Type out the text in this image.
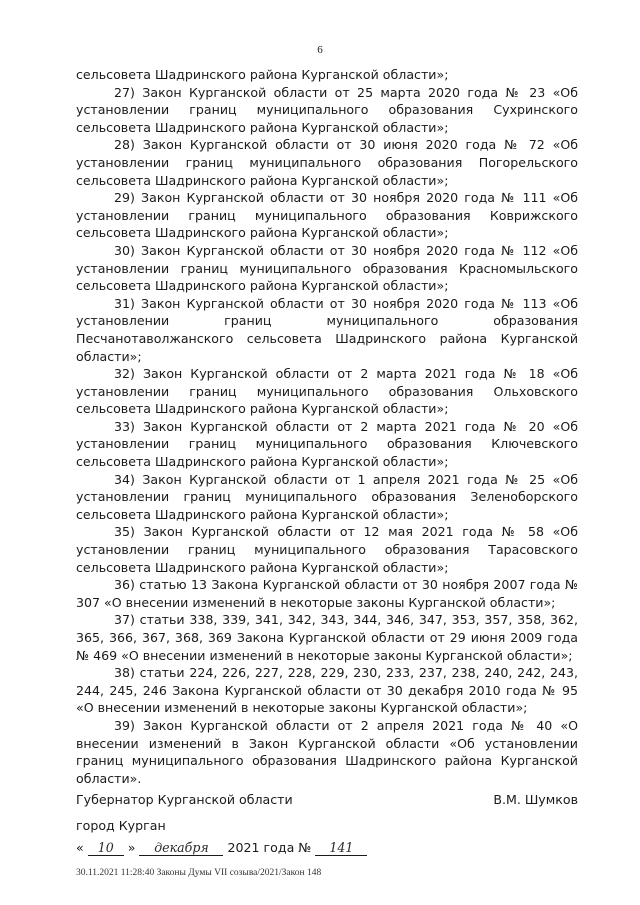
6

сельсовета Шадринского района Курганской области»;

27) Закон Курганской области от 25 марта 2020 года № 23 «Об установлении границ муниципального образования Сухринского сельсовета Шадринского района Курганской области»;

28) Закон Курганской области от 30 июня 2020 года № 72 «Об установлении границ муниципального образования Погорельского сельсовета Шадринского района Курганской области»;

29) Закон Курганской области от 30 ноября 2020 года № 111 «Об установлении границ муниципального образования Коврижского сельсовета Шадринского района Курганской области»;

30) Закон Курганской области от 30 ноября 2020 года № 112 «Об установлении границ муниципального образования Красномыльского сельсовета Шадринского района Курганской области»;

31) Закон Курганской области от 30 ноября 2020 года № 113 «Об установлении границ муниципального образования Песчанотаволжанского сельсовета Шадринского района Курганской области»;

32) Закон Курганской области от 2 марта 2021 года № 18 «Об установлении границ муниципального образования Ольховского сельсовета Шадринского района Курганской области»;

33) Закон Курганской области от 2 марта 2021 года № 20 «Об установлении границ муниципального образования Ключевского сельсовета Шадринского района Курганской области»;

34) Закон Курганской области от 1 апреля 2021 года № 25 «Об установлении границ муниципального образования Зеленоборского сельсовета Шадринского района Курганской области»;

35) Закон Курганской области от 12 мая 2021 года № 58 «Об установлении границ муниципального образования Тарасовского сельсовета Шадринского района Курганской области»;

36) статью 13 Закона Курганской области от 30 ноября 2007 года № 307 «О внесении изменений в некоторые законы Курганской области»;

37) статьи 338, 339, 341, 342, 343, 344, 346, 347, 353, 357, 358, 362, 365, 366, 367, 368, 369 Закона Курганской области от 29 июня 2009 года № 469 «О внесении изменений в некоторые законы Курганской области»;

38) статьи 224, 226, 227, 228, 229, 230, 233, 237, 238, 240, 242, 243, 244, 245, 246 Закона Курганской области от 30 декабря 2010 года № 95 «О внесении изменений в некоторые законы Курганской области»;

39) Закон Курганской области от 2 апреля 2021 года № 40 «О внесении изменений в Закон Курганской области «Об установлении границ муниципального образования Шадринского района Курганской области».

Губернатор Курганской области	В.М. Шумков
город Курган
« 10 » декабря 2021 года № 141
30.11.2021 11:28:40 Законы Думы VII созыва/2021/Закон 148
